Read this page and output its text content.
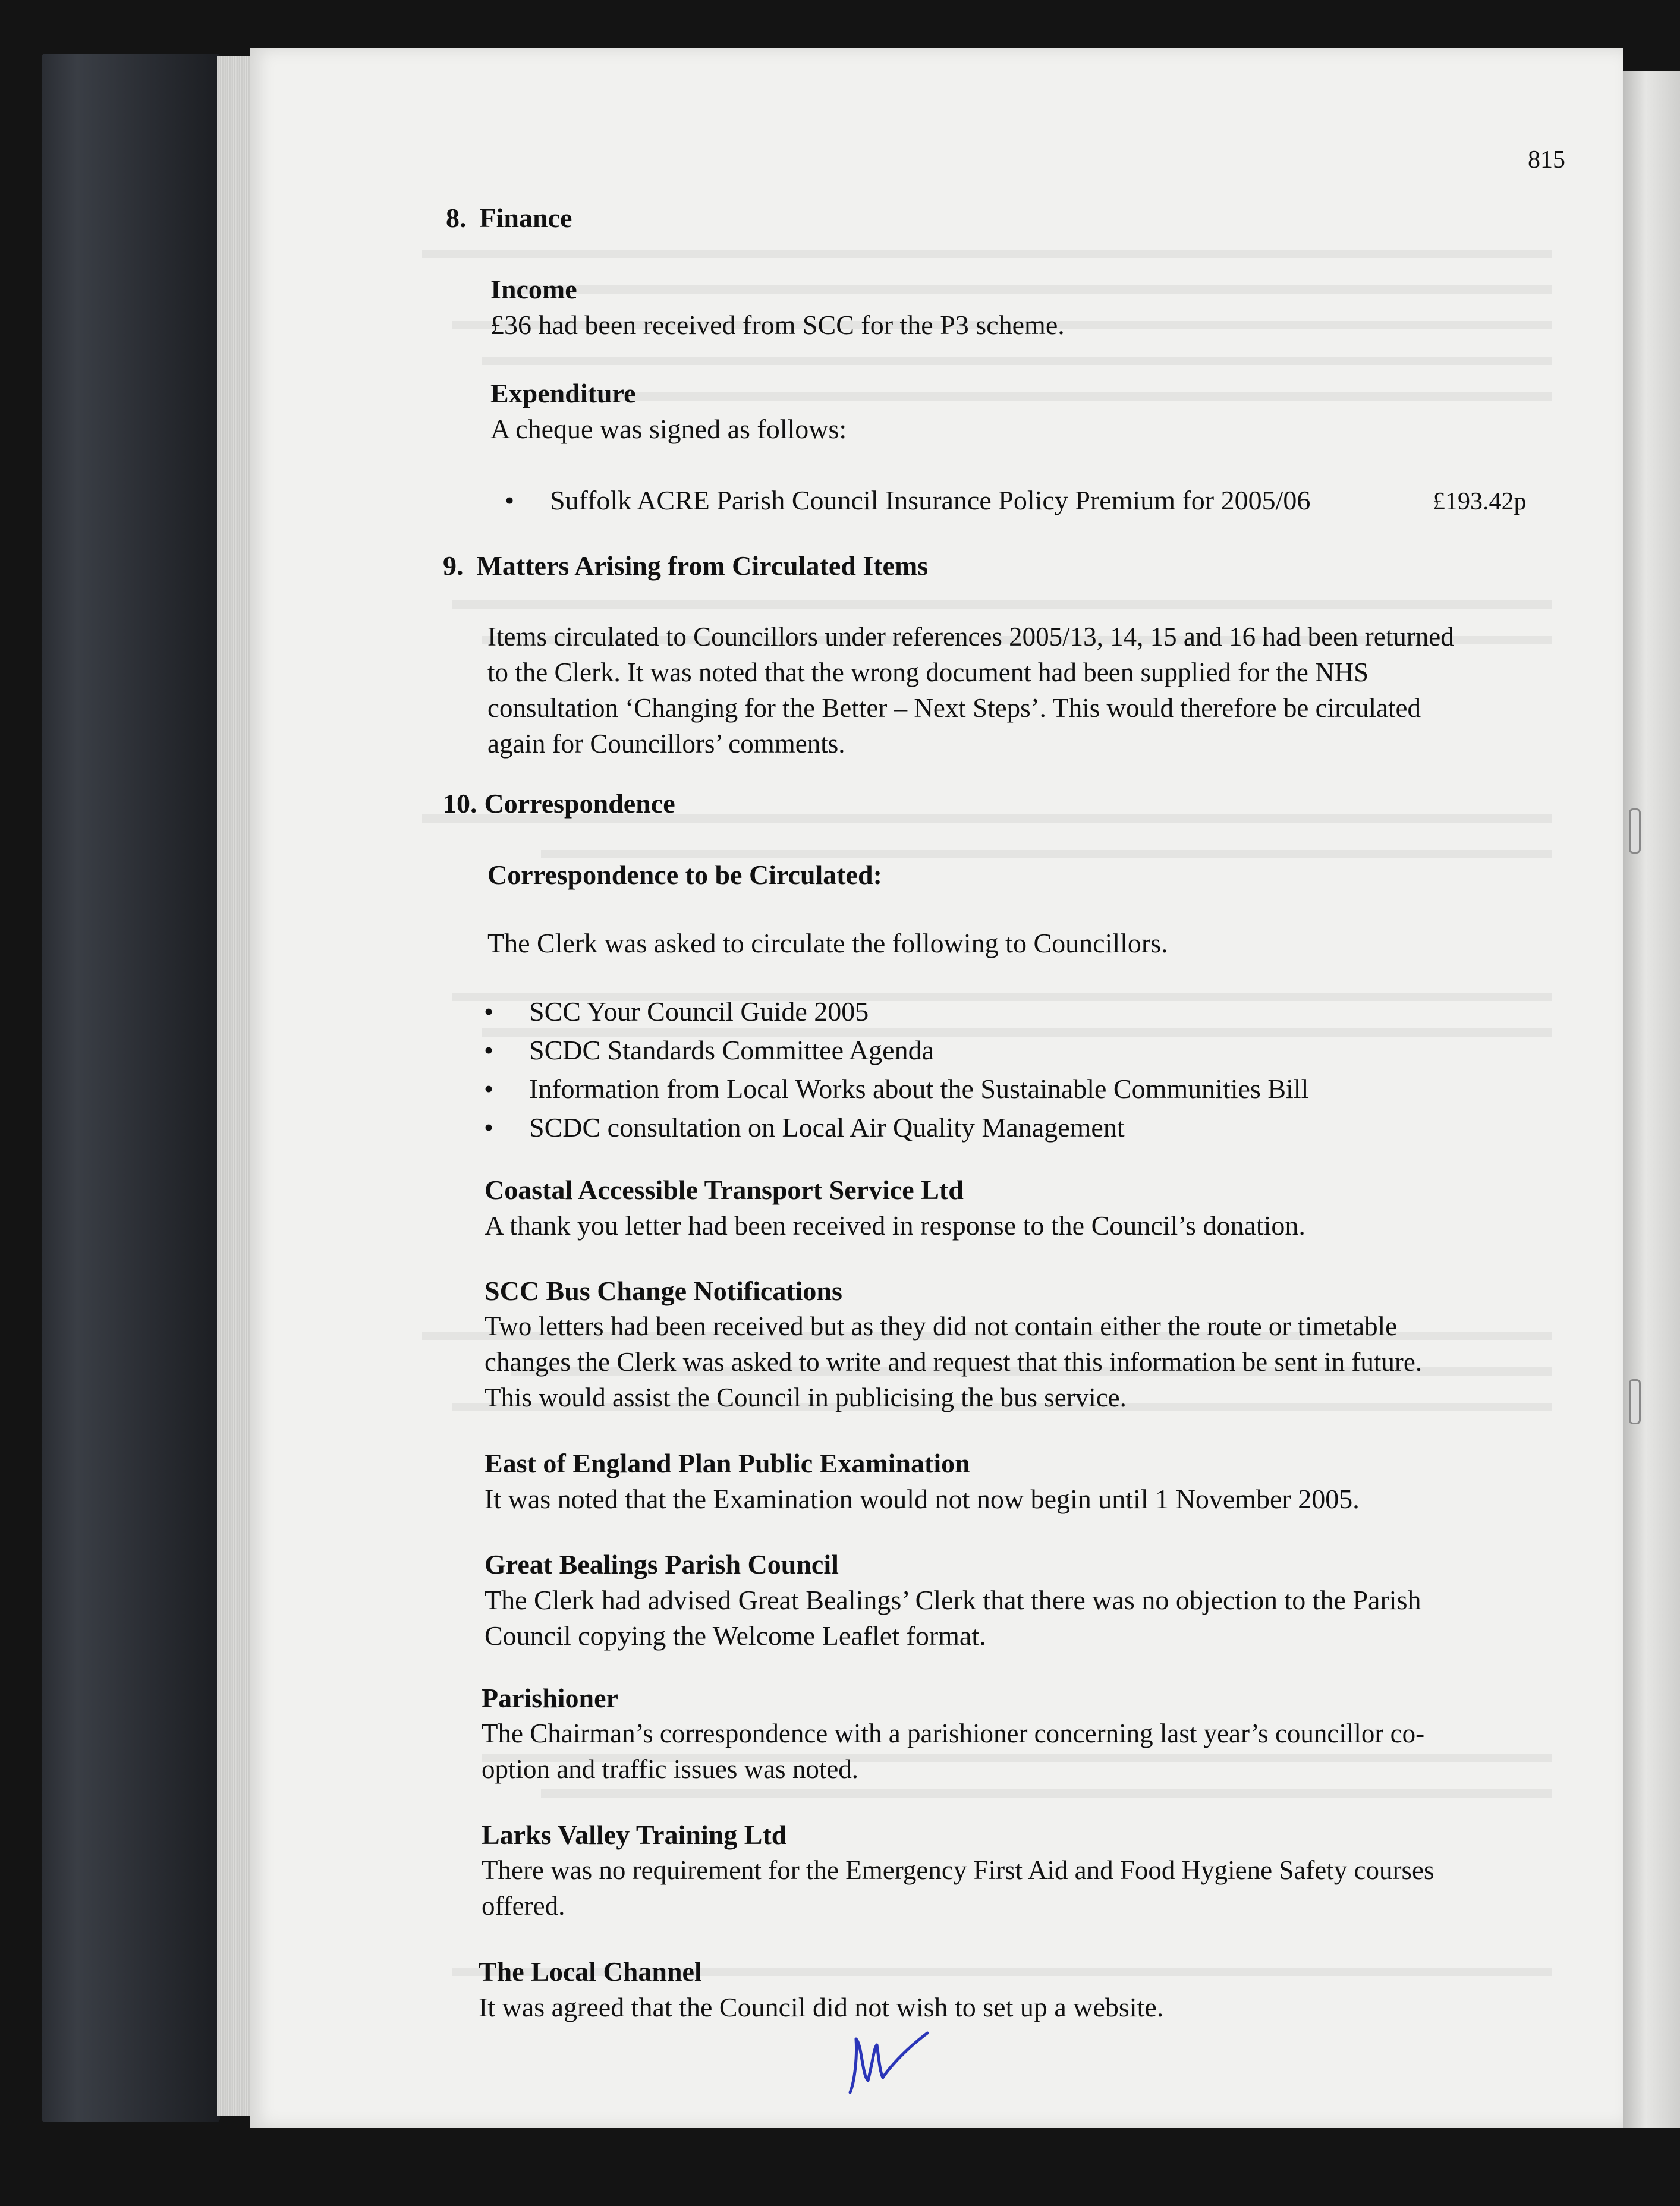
815
8. Finance
Income
£36 had been received from SCC for the P3 scheme.
Expenditure
A cheque was signed as follows:
• Suffolk ACRE Parish Council Insurance Policy Premium for 2005/06	£193.42p
9. Matters Arising from Circulated Items
Items circulated to Councillors under references 2005/13, 14, 15 and 16 had been returned
to the Clerk. It was noted that the wrong document had been supplied for the NHS
consultation ‘Changing for the Better – Next Steps’. This would therefore be circulated
again for Councillors’ comments.
10. Correspondence
Correspondence to be Circulated:
The Clerk was asked to circulate the following to Councillors.
• SCC Your Council Guide 2005
• SCDC Standards Committee Agenda
• Information from Local Works about the Sustainable Communities Bill
• SCDC consultation on Local Air Quality Management
Coastal Accessible Transport Service Ltd
A thank you letter had been received in response to the Council’s donation.
SCC Bus Change Notifications
Two letters had been received but as they did not contain either the route or timetable
changes the Clerk was asked to write and request that this information be sent in future.
This would assist the Council in publicising the bus service.
East of England Plan Public Examination
It was noted that the Examination would not now begin until 1 November 2005.
Great Bealings Parish Council
The Clerk had advised Great Bealings’ Clerk that there was no objection to the Parish
Council copying the Welcome Leaflet format.
Parishioner
The Chairman’s correspondence with a parishioner concerning last year’s councillor co-
option and traffic issues was noted.
Larks Valley Training Ltd
There was no requirement for the Emergency First Aid and Food Hygiene Safety courses
offered.
The Local Channel
It was agreed that the Council did not wish to set up a website.
